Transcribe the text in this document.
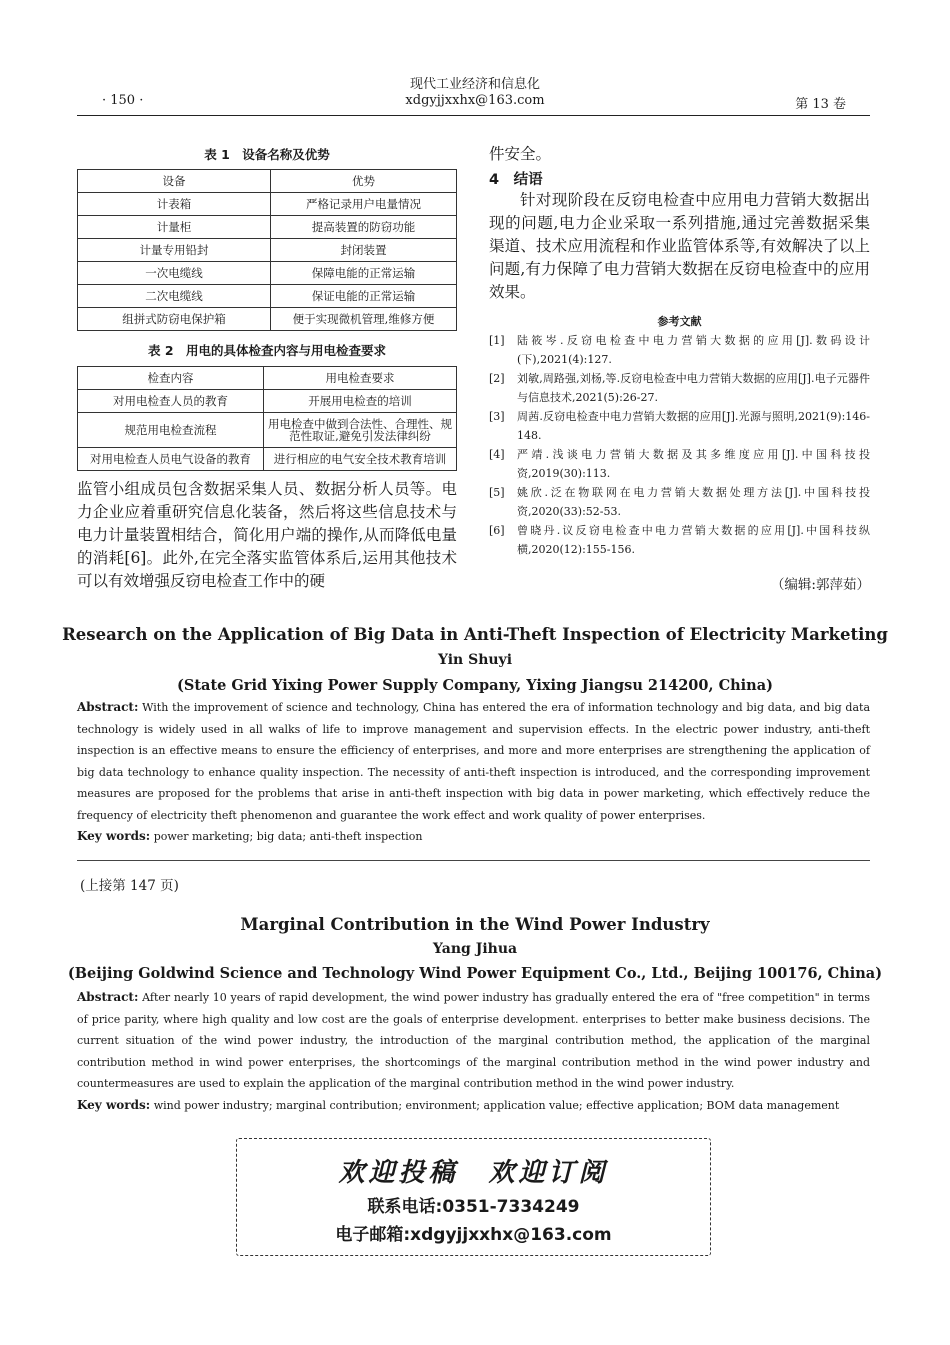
· 150 ·
现代工业经济和信息化
xdgyjjxxhx@163.com	第 13 卷
表 1　设备名称及优势
设备	优势
计表箱	严格记录用户电量情况
计量柜	提高装置的防窃功能
计量专用铅封	封闭装置
一次电缆线	保障电能的正常运输
二次电缆线	保证电能的正常运输
组拼式防窃电保护箱	便于实现微机管理,维修方便
表 2　用电的具体检查内容与用电检查要求
检查内容	用电检查要求
对用电检查人员的教育	开展用电检查的培训
规范用电检查流程	用电检查中做到合法性、合理性、规范性取证,避免引发法律纠纷
对用电检查人员电气设备的教育	进行相应的电气安全技术教育培训
监管小组成员包含数据采集人员、数据分析人员等。电力企业应着重研究信息化装备，然后将这些信息技术与电力计量装置相结合，简化用户端的操作,从而降低电量的消耗[6]。此外,在完全落实监管体系后,运用其他技术可以有效增强反窃电检查工作中的硬
件安全。
4　结语
针对现阶段在反窃电检查中应用电力营销大数据出现的问题,电力企业采取一系列措施,通过完善数据采集渠道、技术应用流程和作业监管体系等,有效解决了以上问题,有力保障了电力营销大数据在反窃电检查中的应用效果。
参考文献
[1]	陆筱岑.反窃电检查中电力营销大数据的应用[J].数码设计(下),2021(4):127.
[2]	刘敏,周路强,刘杨,等.反窃电检查中电力营销大数据的应用[J].电子元器件与信息技术,2021(5):26-27.
[3]	周茜.反窃电检查中电力营销大数据的应用[J].光源与照明,2021(9):146-148.
[4]	严靖.浅谈电力营销大数据及其多维度应用[J].中国科技投资,2019(30):113.
[5]	姚欣.泛在物联网在电力营销大数据处理方法[J].中国科技投资,2020(33):52-53.
[6]	曾晓丹.议反窃电检查中电力营销大数据的应用[J].中国科技纵横,2020(12):155-156.
（编辑:郭萍茹）
Research on the Application of Big Data in Anti-Theft Inspection of Electricity Marketing
Yin Shuyi
(State Grid Yixing Power Supply Company, Yixing Jiangsu 214200, China)
Abstract: With the improvement of science and technology, China has entered the era of information technology and big data, and big data technology is widely used in all walks of life to improve management and supervision effects. In the electric power industry, anti-theft inspection is an effective means to ensure the efficiency of enterprises, and more and more enterprises are strengthening the application of big data technology to enhance quality inspection. The necessity of anti-theft inspection is introduced, and the corresponding improvement measures are proposed for the problems that arise in anti-theft inspection with big data in power marketing, which effectively reduce the frequency of electricity theft phenomenon and guarantee the work effect and work quality of power enterprises.
Key words: power marketing; big data; anti-theft inspection
(上接第 147 页)
Marginal Contribution in the Wind Power Industry
Yang Jihua
(Beijing Goldwind Science and Technology Wind Power Equipment Co., Ltd., Beijing 100176, China)
Abstract: After nearly 10 years of rapid development, the wind power industry has gradually entered the era of "free competition" in terms of price parity, where high quality and low cost are the goals of enterprise development. enterprises to better make business decisions. The current situation of the wind power industry, the introduction of the marginal contribution method, the application of the marginal contribution method in wind power enterprises, the shortcomings of the marginal contribution method in the wind power industry and countermeasures are used to explain the application of the marginal contribution method in the wind power industry.
Key words: wind power industry; marginal contribution; environment; application value; effective application; BOM data management
欢迎投稿　欢迎订阅
联系电话:0351-7334249
电子邮箱:xdgyjjxxhx@163.com
